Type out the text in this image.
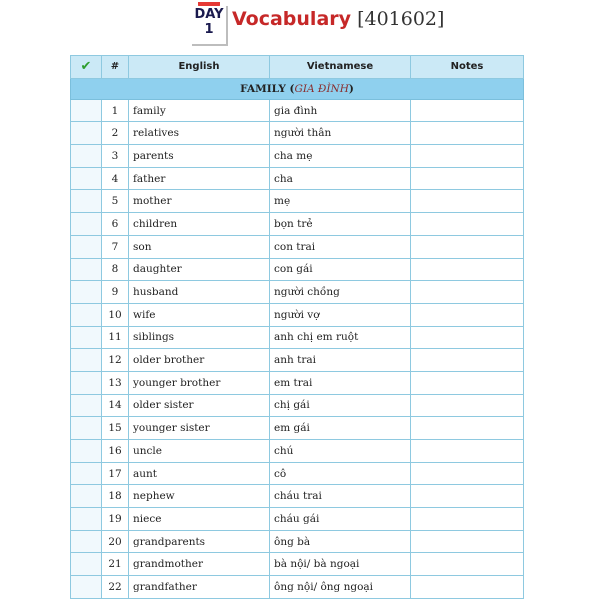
DAY
1 Vocabulary [401602]
FAMILY (GIA ĐÌNH)				
✔	#	English	Vietnamese	Notes
	1	family	gia đình	
	2	relatives	người thân	
	3	parents	cha mẹ	
	4	father	cha	
	5	mother	mẹ	
	6	children	bọn trẻ	
	7	son	con trai	
	8	daughter	con gái	
	9	husband	người chồng	
	10	wife	người vợ	
	11	siblings	anh chị em ruột	
	12	older brother	anh trai	
	13	younger brother	em trai	
	14	older sister	chị gái	
	15	younger sister	em gái	
	16	uncle	chú	
	17	aunt	cô	
	18	nephew	cháu trai	
	19	niece	cháu gái	
	20	grandparents	ông bà	
	21	grandmother	bà nội/ bà ngoại	
	22	grandfather	ông nội/ ông ngoại	
